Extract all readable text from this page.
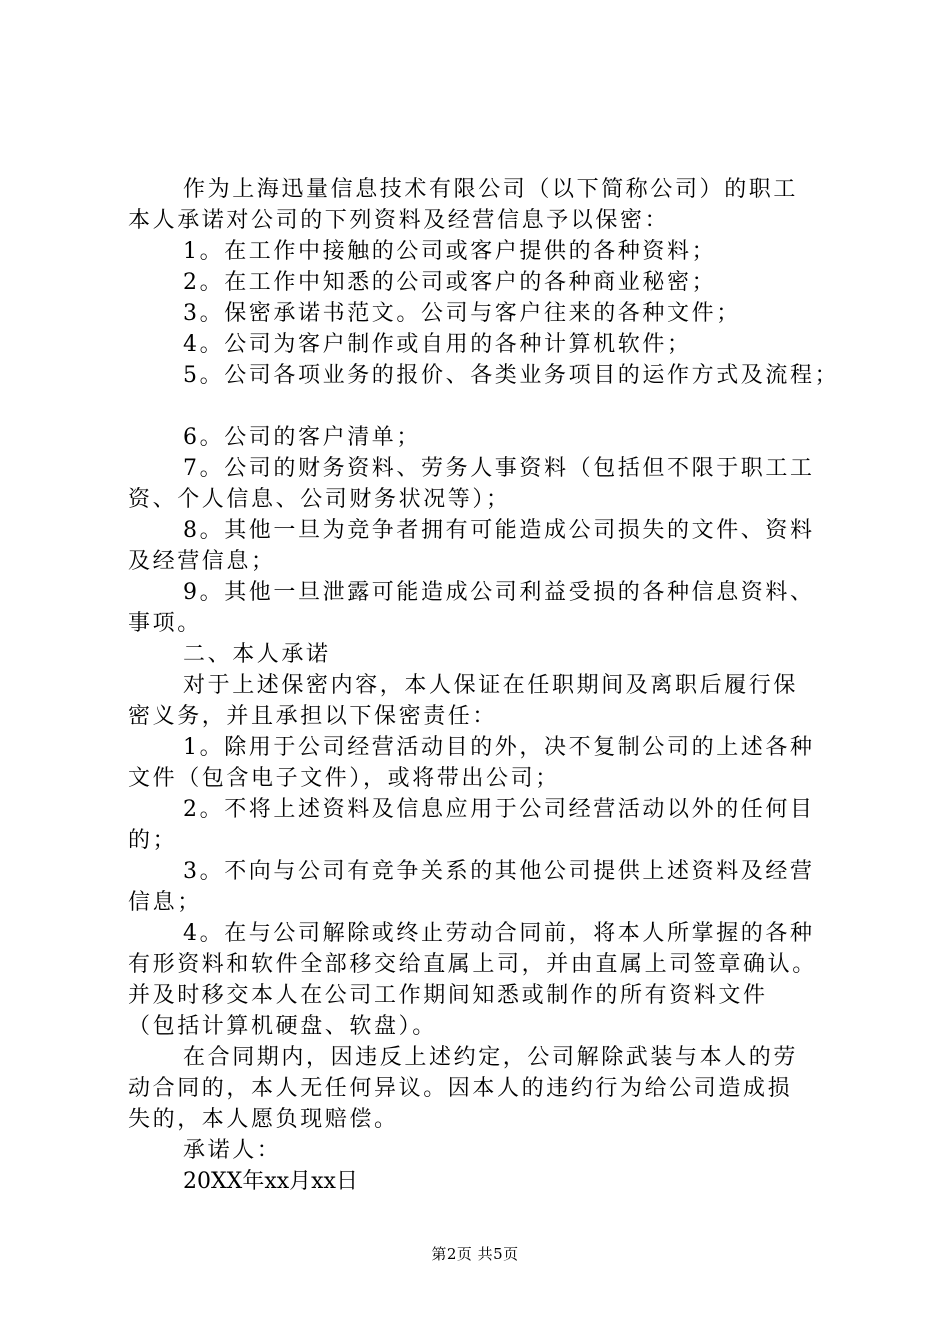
作为上海迅量信息技术有限公司（以下简称公司）的职工
本人承诺对公司的下列资料及经营信息予以保密：
1。在工作中接触的公司或客户提供的各种资料；
2。在工作中知悉的公司或客户的各种商业秘密；
3。保密承诺书范文。公司与客户往来的各种文件；
4。公司为客户制作或自用的各种计算机软件；
5。公司各项业务的报价、各类业务项目的运作方式及流程；
6。公司的客户清单；
7。公司的财务资料、劳务人事资料（包括但不限于职工工
资、个人信息、公司财务状况等）；
8。其他一旦为竞争者拥有可能造成公司损失的文件、资料
及经营信息；
9。其他一旦泄露可能造成公司利益受损的各种信息资料、
事项。
二、本人承诺
对于上述保密内容，本人保证在任职期间及离职后履行保
密义务，并且承担以下保密责任：
1。除用于公司经营活动目的外，决不复制公司的上述各种
文件（包含电子文件），或将带出公司；
2。不将上述资料及信息应用于公司经营活动以外的任何目
的；
3。不向与公司有竞争关系的其他公司提供上述资料及经营
信息；
4。在与公司解除或终止劳动合同前，将本人所掌握的各种
有形资料和软件全部移交给直属上司，并由直属上司签章确认。
并及时移交本人在公司工作期间知悉或制作的所有资料文件
（包括计算机硬盘、软盘）。
在合同期内，因违反上述约定，公司解除武装与本人的劳
动合同的，本人无任何异议。因本人的违约行为给公司造成损
失的，本人愿负现赔偿。
承诺人：
20XX年xx月xx日
第2页 共5页
